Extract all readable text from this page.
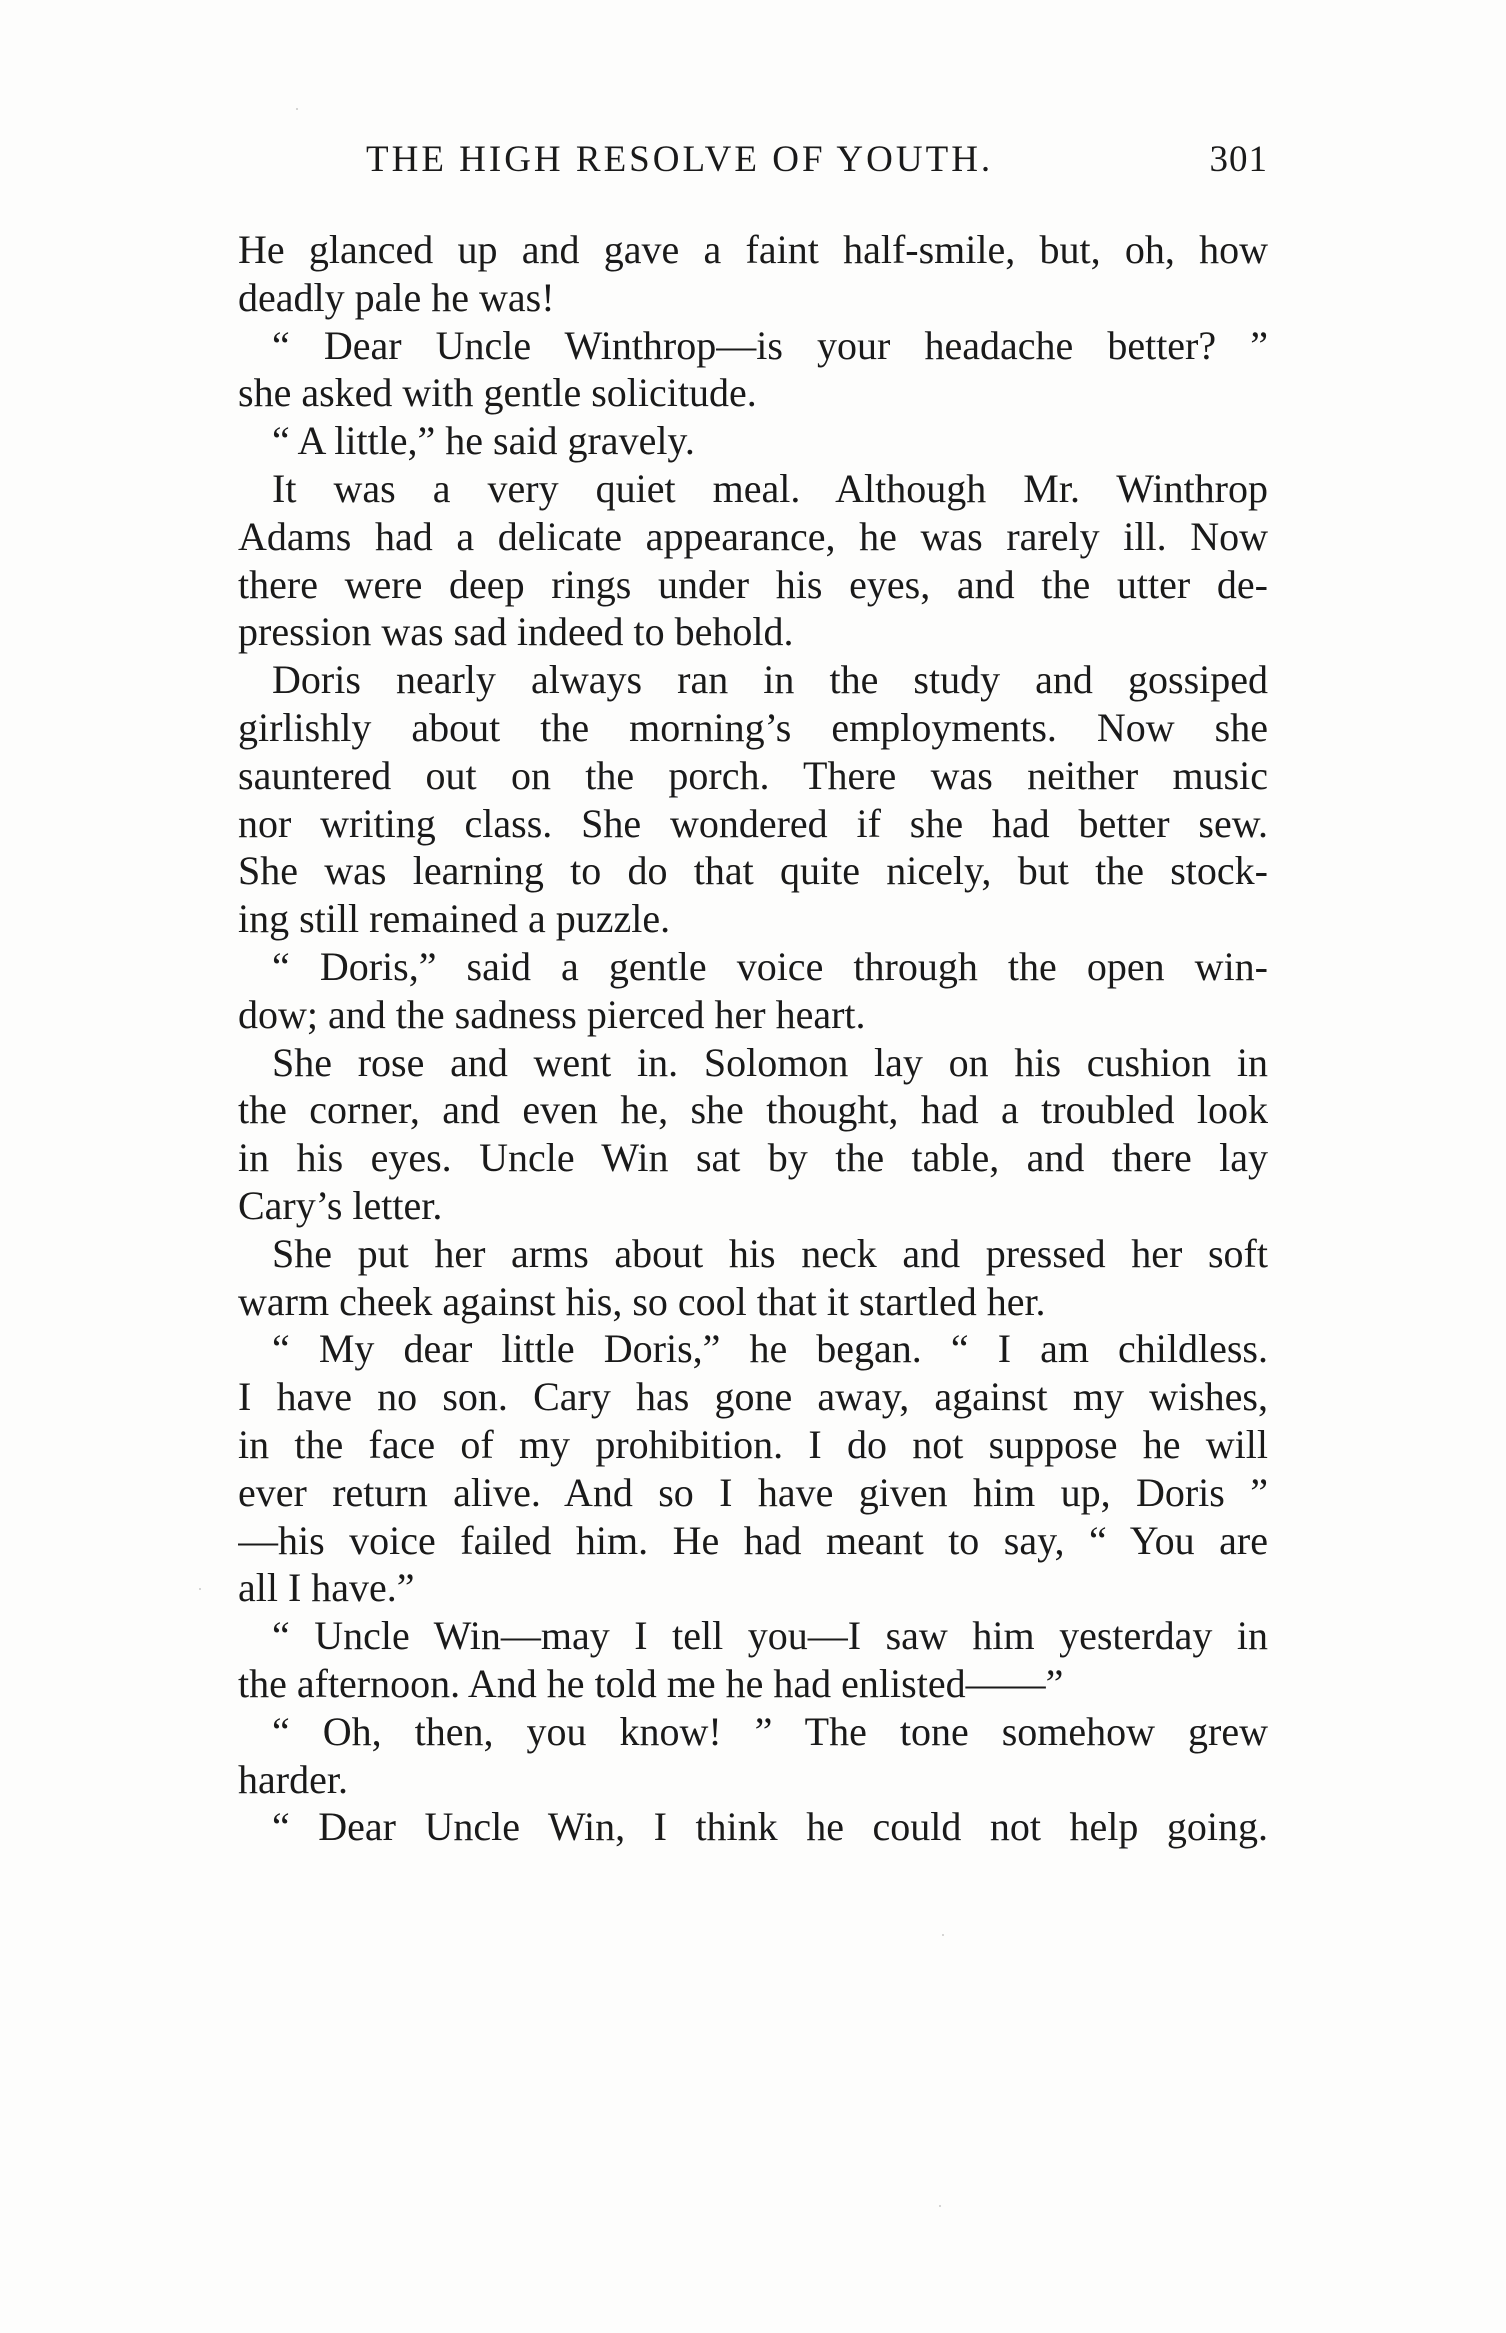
THE HIGH RESOLVE OF YOUTH.	301
He glanced up and gave a faint half-smile, but, oh, how
deadly pale he was!
“ Dear Uncle Winthrop—is your headache better? ”
she asked with gentle solicitude.
“ A little,” he said gravely.
It was a very quiet meal. Although Mr. Winthrop
Adams had a delicate appearance, he was rarely ill. Now
there were deep rings under his eyes, and the utter de-
pression was sad indeed to behold.
Doris nearly always ran in the study and gossiped
girlishly about the morning’s employments. Now she
sauntered out on the porch. There was neither music
nor writing class. She wondered if she had better sew.
She was learning to do that quite nicely, but the stock-
ing still remained a puzzle.
“ Doris,” said a gentle voice through the open win-
dow; and the sadness pierced her heart.
She rose and went in. Solomon lay on his cushion in
the corner, and even he, she thought, had a troubled look
in his eyes. Uncle Win sat by the table, and there lay
Cary’s letter.
She put her arms about his neck and pressed her soft
warm cheek against his, so cool that it startled her.
“ My dear little Doris,” he began. “ I am childless.
I have no son. Cary has gone away, against my wishes,
in the face of my prohibition. I do not suppose he will
ever return alive. And so I have given him up, Doris ”
—his voice failed him. He had meant to say, “ You are
all I have.”
“ Uncle Win—may I tell you—I saw him yesterday in
the afternoon. And he told me he had enlisted——”
“ Oh, then, you know! ” The tone somehow grew
harder.
“ Dear Uncle Win, I think he could not help going.
